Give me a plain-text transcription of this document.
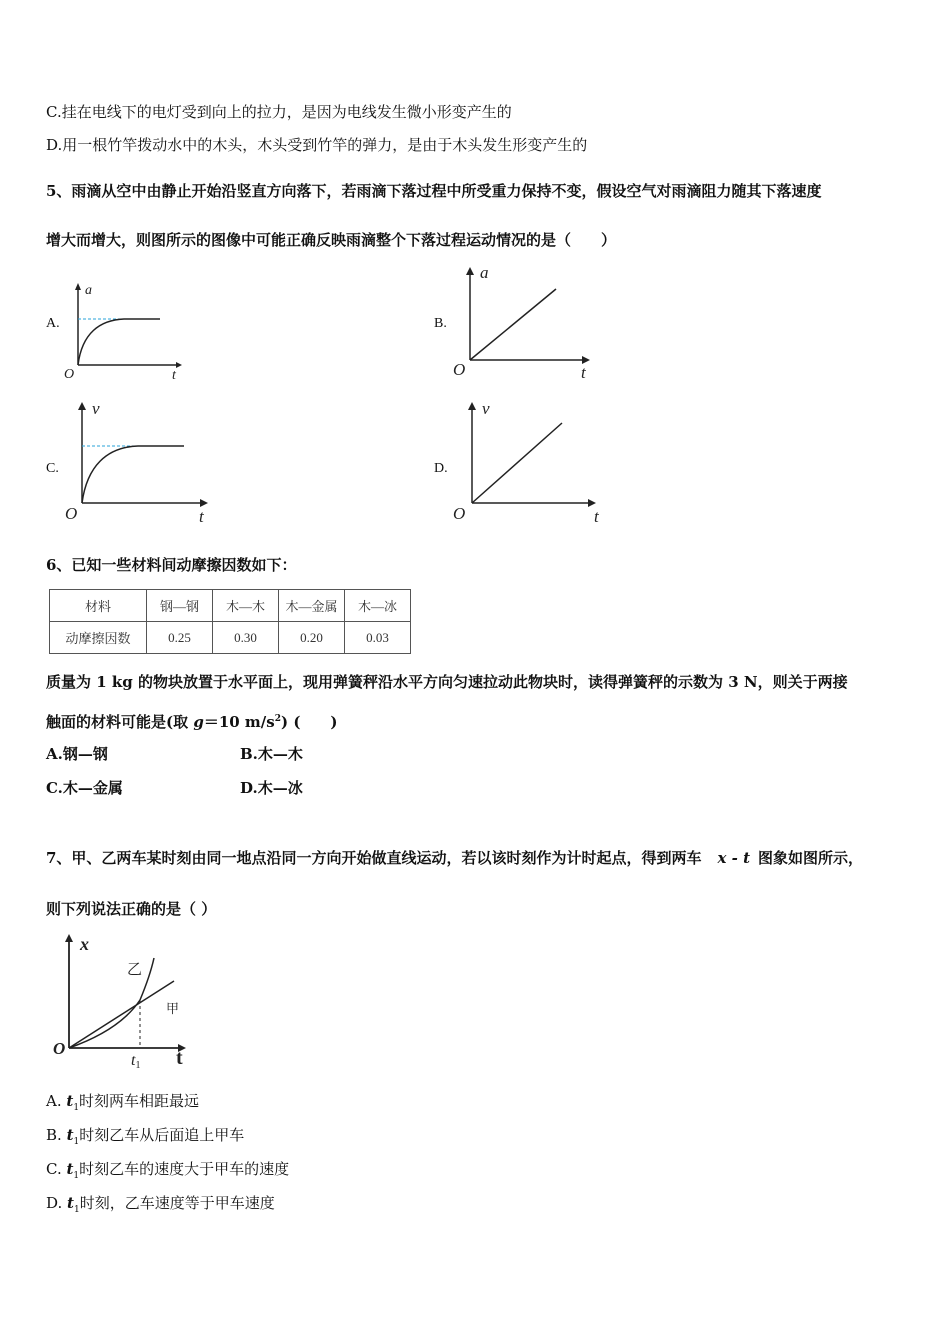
C.挂在电线下的电灯受到向上的拉力，是因为电线发生微小形变产生的
D.用一根竹竿拨动水中的木头，木头受到竹竿的弹力，是由于木头发生形变产生的
5、雨滴从空中由静止开始沿竖直方向落下，若雨滴下落过程中所受重力保持不变，假设空气对雨滴阻力随其下落速度
增大而增大，则图所示的图像中可能正确反映雨滴整个下落过程运动情况的是（　　）
A.
a
t
O
B.
a
t
O
C.
v
t
O
D.
v
t
O
6、已知一些材料间动摩擦因数如下：
材料	钢—钢	木—木	木—金属	木—冰
动摩擦因数	0.25	0.30	0.20	0.03
质量为 1 kg 的物块放置于水平面上，现用弹簧秤沿水平方向匀速拉动此物块时，读得弹簧秤的示数为 3 N，则关于两接
触面的材料可能是(取 g＝10 $m/s^2$) (　　)
A.钢—钢	B.木—木
C.木—金属	D.木—冰
7、甲、乙两车某时刻由同一地点沿同一方向开始做直线运动，若以该时刻作为计时起点，得到两车 x - t 图象如图所示，
则下列说法正确的是（ ）
x
t
O
t1
乙
甲
A. $t_1$时刻两车相距最远
B. $t_1$时刻乙车从后面追上甲车
C. $t_1$时刻乙车的速度大于甲车的速度
D. $t_1$时刻，乙车速度等于甲车速度
